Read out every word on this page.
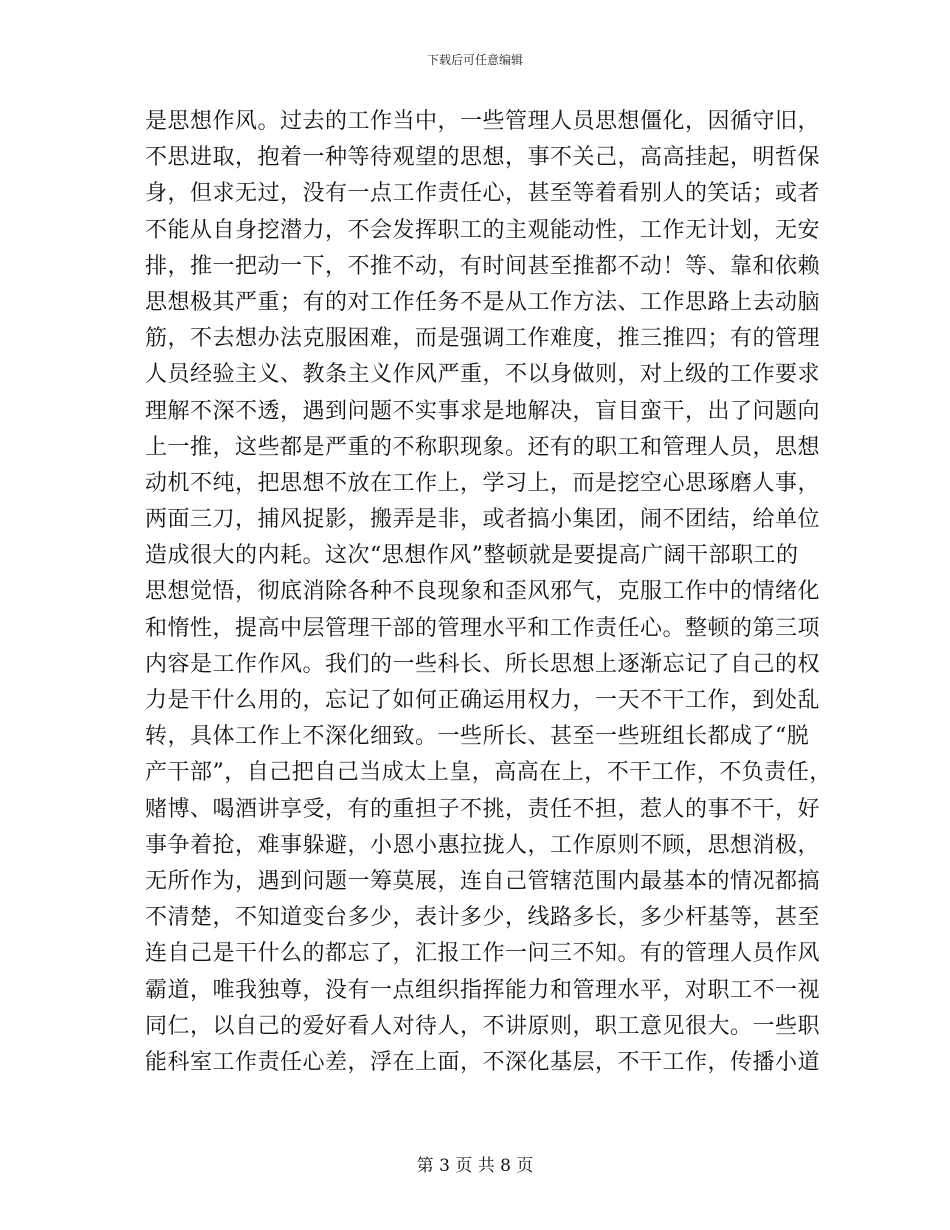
下载后可任意编辑
是思想作风。过去的工作当中，一些管理人员思想僵化，因循守旧，
不思进取，抱着一种等待观望的思想，事不关己，高高挂起，明哲保
身，但求无过，没有一点工作责任心，甚至等着看别人的笑话；或者
不能从自身挖潜力，不会发挥职工的主观能动性，工作无计划，无安
排，推一把动一下，不推不动，有时间甚至推都不动！等、靠和依赖
思想极其严重；有的对工作任务不是从工作方法、工作思路上去动脑
筋，不去想办法克服困难，而是强调工作难度，推三推四；有的管理
人员经验主义、教条主义作风严重，不以身做则，对上级的工作要求
理解不深不透，遇到问题不实事求是地解决，盲目蛮干，出了问题向
上一推，这些都是严重的不称职现象。还有的职工和管理人员，思想
动机不纯，把思想不放在工作上，学习上，而是挖空心思琢磨人事，
两面三刀，捕风捉影，搬弄是非，或者搞小集团，闹不团结，给单位
造成很大的内耗。这次“思想作风”整顿就是要提高广阔干部职工的
思想觉悟，彻底消除各种不良现象和歪风邪气，克服工作中的情绪化
和惰性，提高中层管理干部的管理水平和工作责任心。整顿的第三项
内容是工作作风。我们的一些科长、所长思想上逐渐忘记了自己的权
力是干什么用的，忘记了如何正确运用权力，一天不干工作，到处乱
转，具体工作上不深化细致。一些所长、甚至一些班组长都成了“脱
产干部”，自己把自己当成太上皇，高高在上，不干工作，不负责任，
赌博、喝酒讲享受，有的重担子不挑，责任不担，惹人的事不干，好
事争着抢，难事躲避，小恩小惠拉拢人，工作原则不顾，思想消极，
无所作为，遇到问题一筹莫展，连自己管辖范围内最基本的情况都搞
不清楚，不知道变台多少，表计多少，线路多长，多少杆基等，甚至
连自己是干什么的都忘了，汇报工作一问三不知。有的管理人员作风
霸道，唯我独尊，没有一点组织指挥能力和管理水平，对职工不一视
同仁，以自己的爱好看人对待人，不讲原则，职工意见很大。一些职
能科室工作责任心差，浮在上面，不深化基层，不干工作，传播小道
第 3 页 共 8 页
